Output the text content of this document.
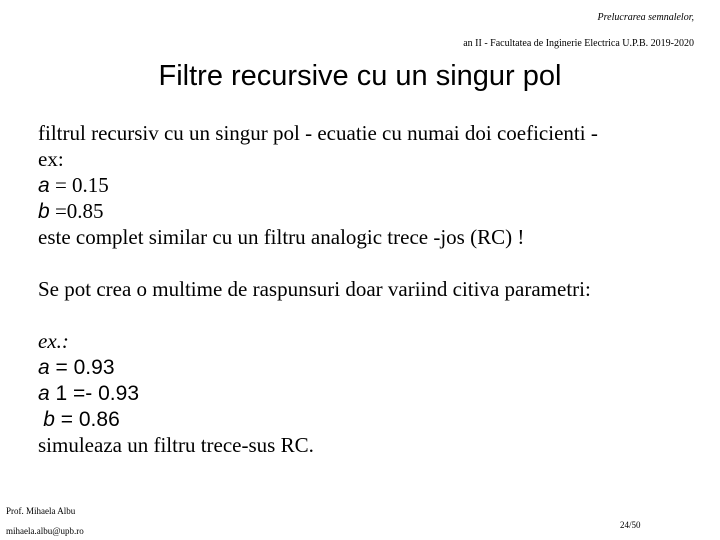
Prelucrarea semnalelor,
an II - Facultatea de Inginerie Electrica U.P.B. 2019-2020
Filtre recursive cu un singur pol
filtrul recursiv cu un singur pol - ecuatie cu numai doi coeficienti -
ex:
a = 0.15
b =0.85
este complet similar cu un filtru analogic trece -jos (RC) !
Se pot crea o multime de raspunsuri doar variind citiva parametri:
ex.:
a = 0.93
a 1 =- 0.93
b = 0.86
simuleaza un filtru trece-sus RC.
Prof. Mihaela Albu
mihaela.albu@upb.ro
24/50
